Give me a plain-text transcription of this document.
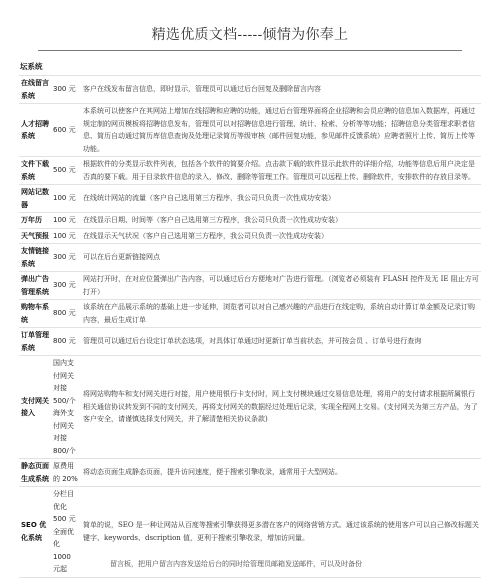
精选优质文档-----倾情为你奉上
坛系统
在线留言系统	300 元	客户在线发布留言信息，即时显示，管理员可以通过后台回复及删除留言内容
人才招聘系统	600 元	本系统可以使客户在其网站上增加在线招聘和应聘的功能，通过后台管理界面将企业招聘和会员应聘的信息加入数据库，再通过规定制的网页模板将招聘信息发布，管理员可以对招聘信息进行管理、统计、检索、分析等等功能；招聘信息分类管理求职者信息、简历自动通过简历库信息查询及处理记录简历等级审核（邮件回复功能，参见邮件反馈系统）应聘者照片上传、简历上传等功能。
文件下载系统	500 元	根据软件的分类显示软件列表，包括各个软件的简要介绍。点击款下载的软件显示此软件的详细介绍，功能等信息后用户决定是否真的要下载。用于目录软件信息的录入、修改、删除等管理工作。管理员可以远程上传、删除软件，安排软件的存放目录等。
网站记数器	100 元	在线统计网站的流量（客户自己选用第三方程序，我公司只负责一次性成功安装）
万年历	100 元	在线显示日期、时间等（客户自己选用第三方程序，我公司只负责一次性成功安装）
天气预报	100 元	在线显示天气状况（客户自己选用第三方程序，我公司只负责一次性成功安装）
友情链接系统	300 元	可以在后台更新链接网点
弹出广告管理系统	300 元	网站打开时，在对应位置弹出广告内容，可以通过后台方便地对广告进行管理。（浏览者必须装有 FLASH 控件及无 IE 阻止方可打开）
购物车系统	800 元	该系统在产品展示系统的基础上进一步延伸，浏览者可以对自己感兴趣的产品进行在线定购，系统自动计算订单金额及记录订购内容，最后生成订单
订单管理系统	800 元	管理员可以通过后台设定订单状态选项，对具体订单通过时更新订单当前状态，并可按会员 、订单号进行查询
支付网关接入	国内支付网关对接 500/个海外支付网关对接 800/个	将网站购物车和支付网关进行对接，用户使用银行卡支付时，网上支付模块通过交易信息处理，将用户的支付请求根据所属银行相关通信协议转发到不同的支付网关，再将支付网关的数据经过处理后记录，实现全程网上交易。(支付网关为第三方产品，为了客户安全，请谨慎选择支付网关，并了解清楚相关协议条款)
静态页面生成系统	原费用的 20%	将动态页面生成静态页面，提升访问速度，便于搜索引擎收录，通常用于大型网站。
SEO 优化系统	分栏目优化 500 元 全面优化 1000 元起	简单的说，SEO 是一种让网站从百度等搜索引擎获得更多潜在客户的网络营销方式。通过该系统的使用客户可以自己修改标题关键字、keywords、dscription 值，更利于搜索引擎收录，增加访问量。
留言板，把用户留言内容发送给后台的同时给管理员邮箱发送邮件，可以及时备份
